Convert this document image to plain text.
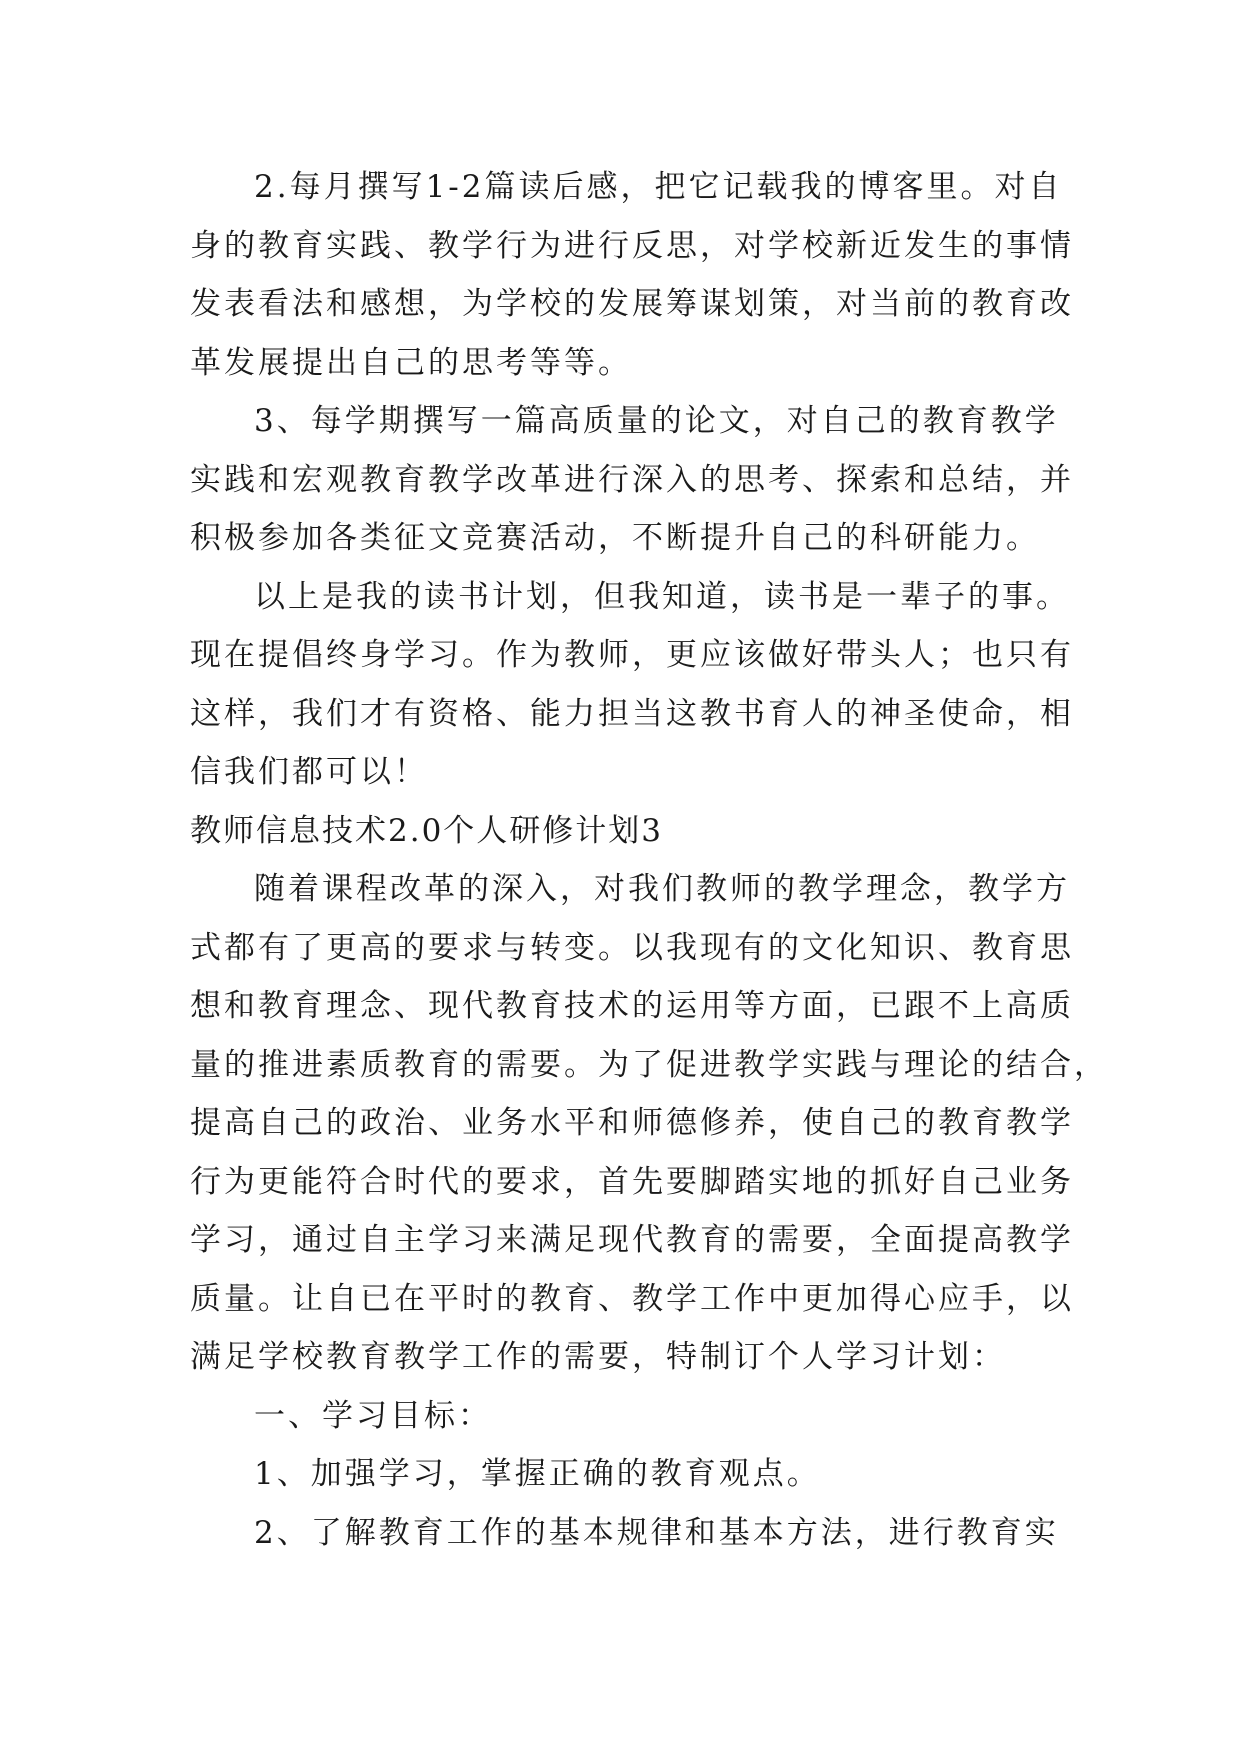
2.每月撰写1-2篇读后感，把它记载我的博客里。对自
身的教育实践、教学行为进行反思，对学校新近发生的事情
发表看法和感想，为学校的发展筹谋划策，对当前的教育改
革发展提出自己的思考等等。
3、每学期撰写一篇高质量的论文，对自己的教育教学
实践和宏观教育教学改革进行深入的思考、探索和总结，并
积极参加各类征文竞赛活动，不断提升自己的科研能力。
以上是我的读书计划，但我知道，读书是一辈子的事。
现在提倡终身学习。作为教师，更应该做好带头人；也只有
这样，我们才有资格、能力担当这教书育人的神圣使命，相
信我们都可以！
教师信息技术2.0个人研修计划3
随着课程改革的深入，对我们教师的教学理念，教学方
式都有了更高的要求与转变。以我现有的文化知识、教育思
想和教育理念、现代教育技术的运用等方面，已跟不上高质
量的推进素质教育的需要。为了促进教学实践与理论的结合，
提高自己的政治、业务水平和师德修养，使自己的教育教学
行为更能符合时代的要求，首先要脚踏实地的抓好自己业务
学习，通过自主学习来满足现代教育的需要，全面提高教学
质量。让自已在平时的教育、教学工作中更加得心应手，以
满足学校教育教学工作的需要，特制订个人学习计划：
一、学习目标：
1、加强学习，掌握正确的教育观点。
2、了解教育工作的基本规律和基本方法，进行教育实
